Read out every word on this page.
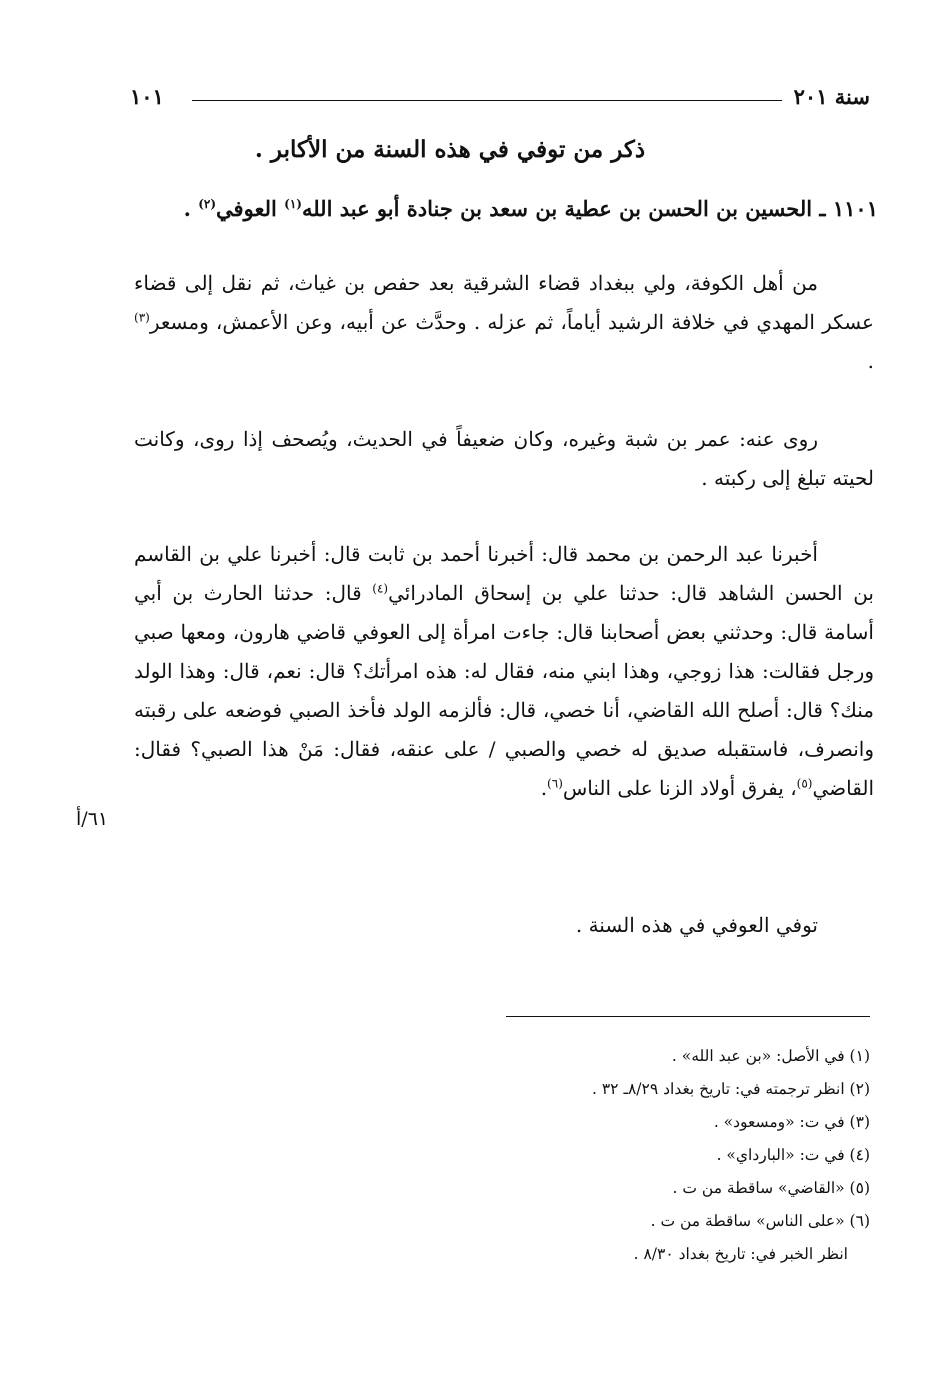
سنة ٢٠١
١٠١
ذكر من توفي في هذه السنة من الأكابر .
١١٠١ ـ الحسين بن الحسن بن عطية بن سعد بن جنادة أبو عبد الله$^{(١)}$ العوفي$^{(٢)}$ .
من أهل الكوفة، ولي ببغداد قضاء الشرقية بعد حفص بن غياث، ثم نقل إلى قضاء عسكر المهدي في خلافة الرشيد أياماً، ثم عزله . وحدَّث عن أبيه، وعن الأعمش، ومسعر$^{(٣)}$ .
روى عنه: عمر بن شبة وغيره، وكان ضعيفاً في الحديث، ويُصحف إذا روى، وكانت لحيته تبلغ إلى ركبته .
أخبرنا عبد الرحمن بن محمد قال: أخبرنا أحمد بن ثابت قال: أخبرنا علي بن القاسم بن الحسن الشاهد قال: حدثنا علي بن إسحاق المادرائي$^{(٤)}$ قال: حدثنا الحارث بن أبي أسامة قال: وحدثني بعض أصحابنا قال: جاءت امرأة إلى العوفي قاضي هارون، ومعها صبي ورجل فقالت: هذا زوجي، وهذا ابني منه، فقال له: هذه امرأتك؟ قال: نعم، قال: وهذا الولد منك؟ قال: أصلح الله القاضي، أنا خصي، قال: فألزمه الولد فأخذ الصبي فوضعه على رقبته وانصرف، فاستقبله صديق له خصي والصبي / على عنقه، فقال: مَنْ هذا الصبي؟ فقال: القاضي$^{(٥)}$، يفرق أولاد الزنا على الناس$^{(٦)}$.
٦١/أ
توفي العوفي في هذه السنة .
(١) في الأصل: «بن عبد الله» .
(٢) انظر ترجمته في: تاريخ بغداد ٨/٢٩ـ ٣٢ .
(٣) في ت: «ومسعود» .
(٤) في ت: «البارداي» .
(٥) «القاضي» ساقطة من ت .
(٦) «على الناس» ساقطة من ت .
انظر الخبر في: تاريخ بغداد ٨/٣٠ .
